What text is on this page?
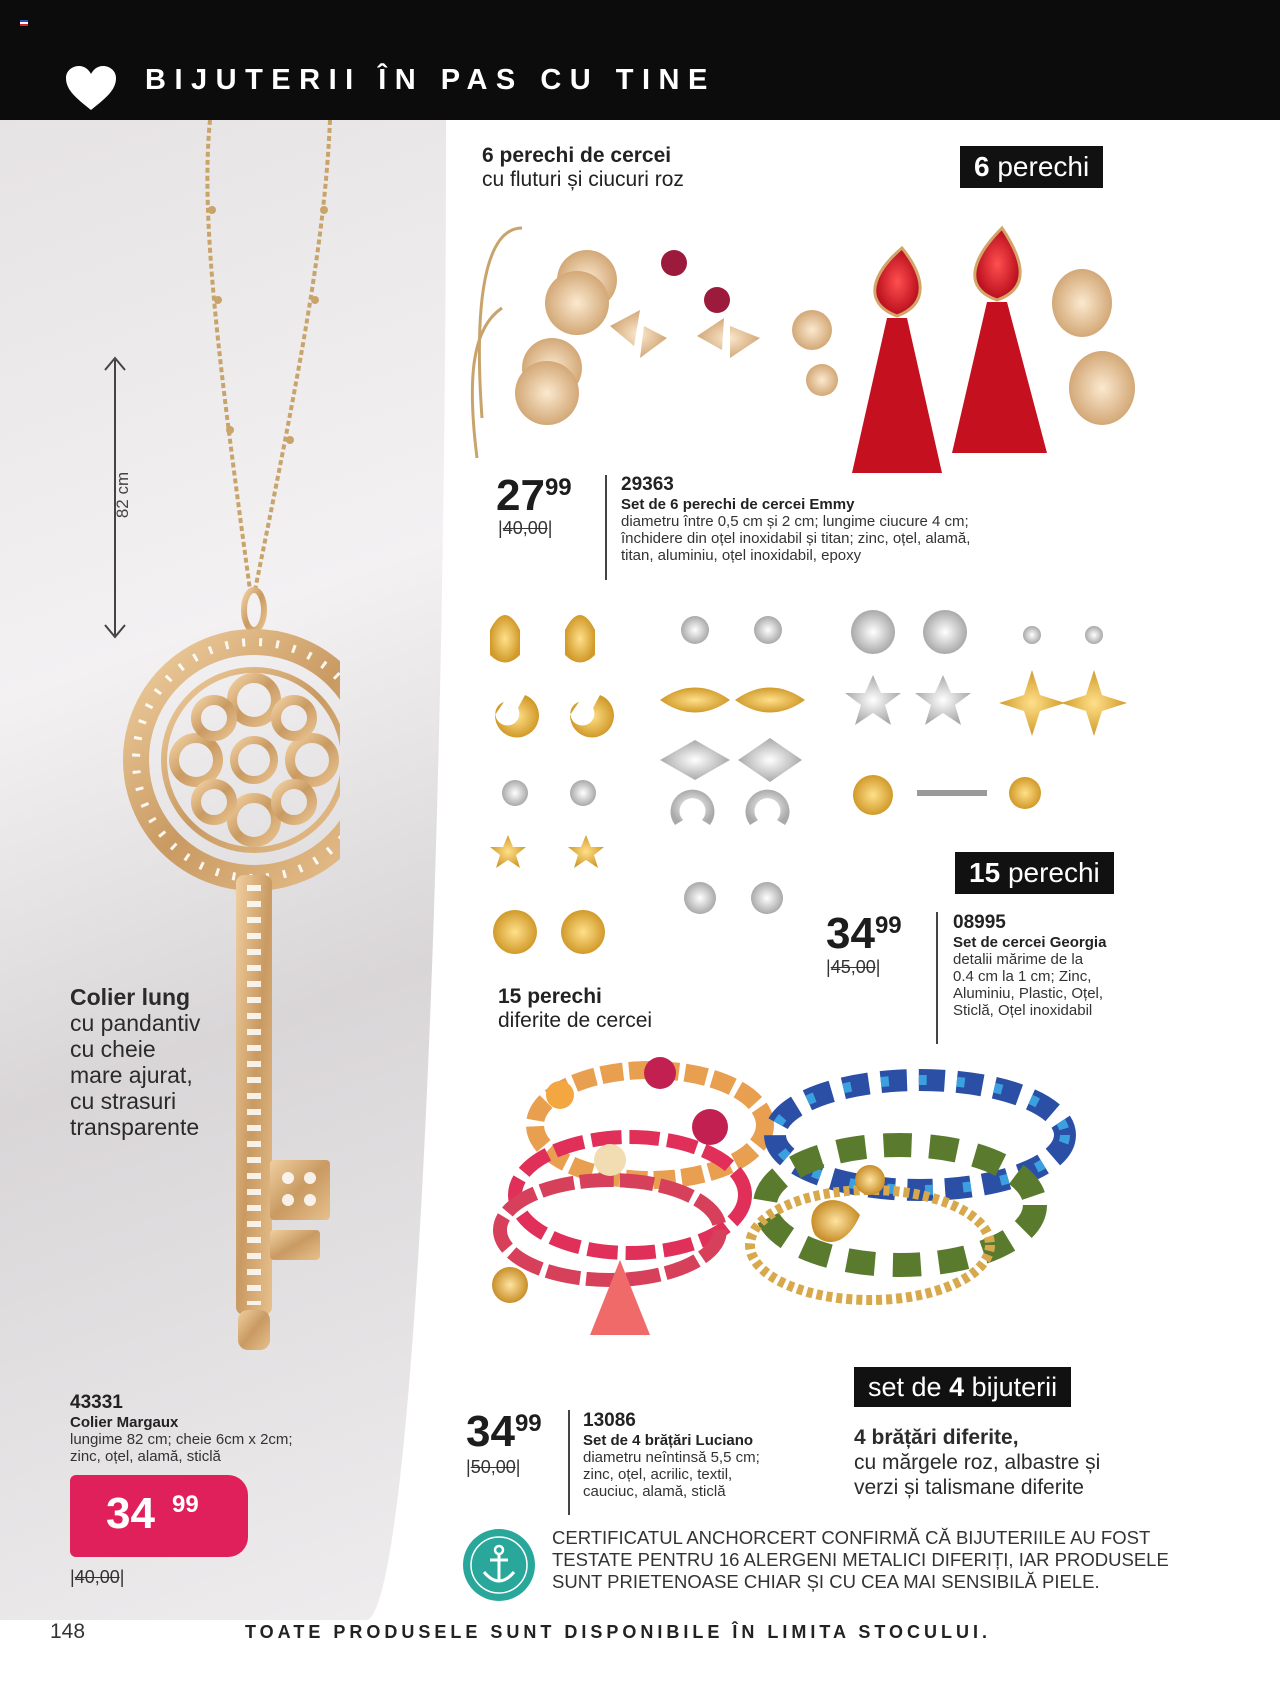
BIJUTERII ÎN PAS CU TINE
82 cm
Colier lung
cu pandantiv
cu cheie
mare ajurat,
cu strasuri
transparente
43331
Colier Margaux
lungime 82 cm; cheie 6cm x 2cm;
zinc, oțel, alamă, sticlă
34 99
|40,00|
6 perechi de cercei
cu fluturi și ciucuri roz	6 perechi
2799
|40,00|
29363
Set de 6 perechi de cercei Emmy
diametru între 0,5 cm și 2 cm; lungime ciucure 4 cm;
închidere din oțel inoxidabil și titan; zinc, oțel, alamă,
titan, aluminiu, oțel inoxidabil, epoxy
15 perechi
diferite de cercei
15 perechi
3499
|45,00|
08995
Set de cercei Georgia
detalii mărime de la
0.4 cm la 1 cm; Zinc,
Aluminiu, Plastic, Oțel,
Sticlă, Oțel inoxidabil
set de 4 bijuterii
3499
|50,00|
13086
Set de 4 brățări Luciano
diametru neîntinsă 5,5 cm;
zinc, oțel, acrilic, textil,
cauciuc, alamă, sticlă
4 brățări diferite,
cu mărgele roz, albastre și
verzi și talismane diferite
CERTIFICATUL ANCHORCERT CONFIRMĂ CĂ BIJUTERIILE AU FOST
TESTATE PENTRU 16 ALERGENI METALICI DIFERIȚI, IAR PRODUSELE
SUNT PRIETENOASE CHIAR ȘI CU CEA MAI SENSIBILĂ PIELE.
148	TOATE PRODUSELE SUNT DISPONIBILE ÎN LIMITA STOCULUI.
